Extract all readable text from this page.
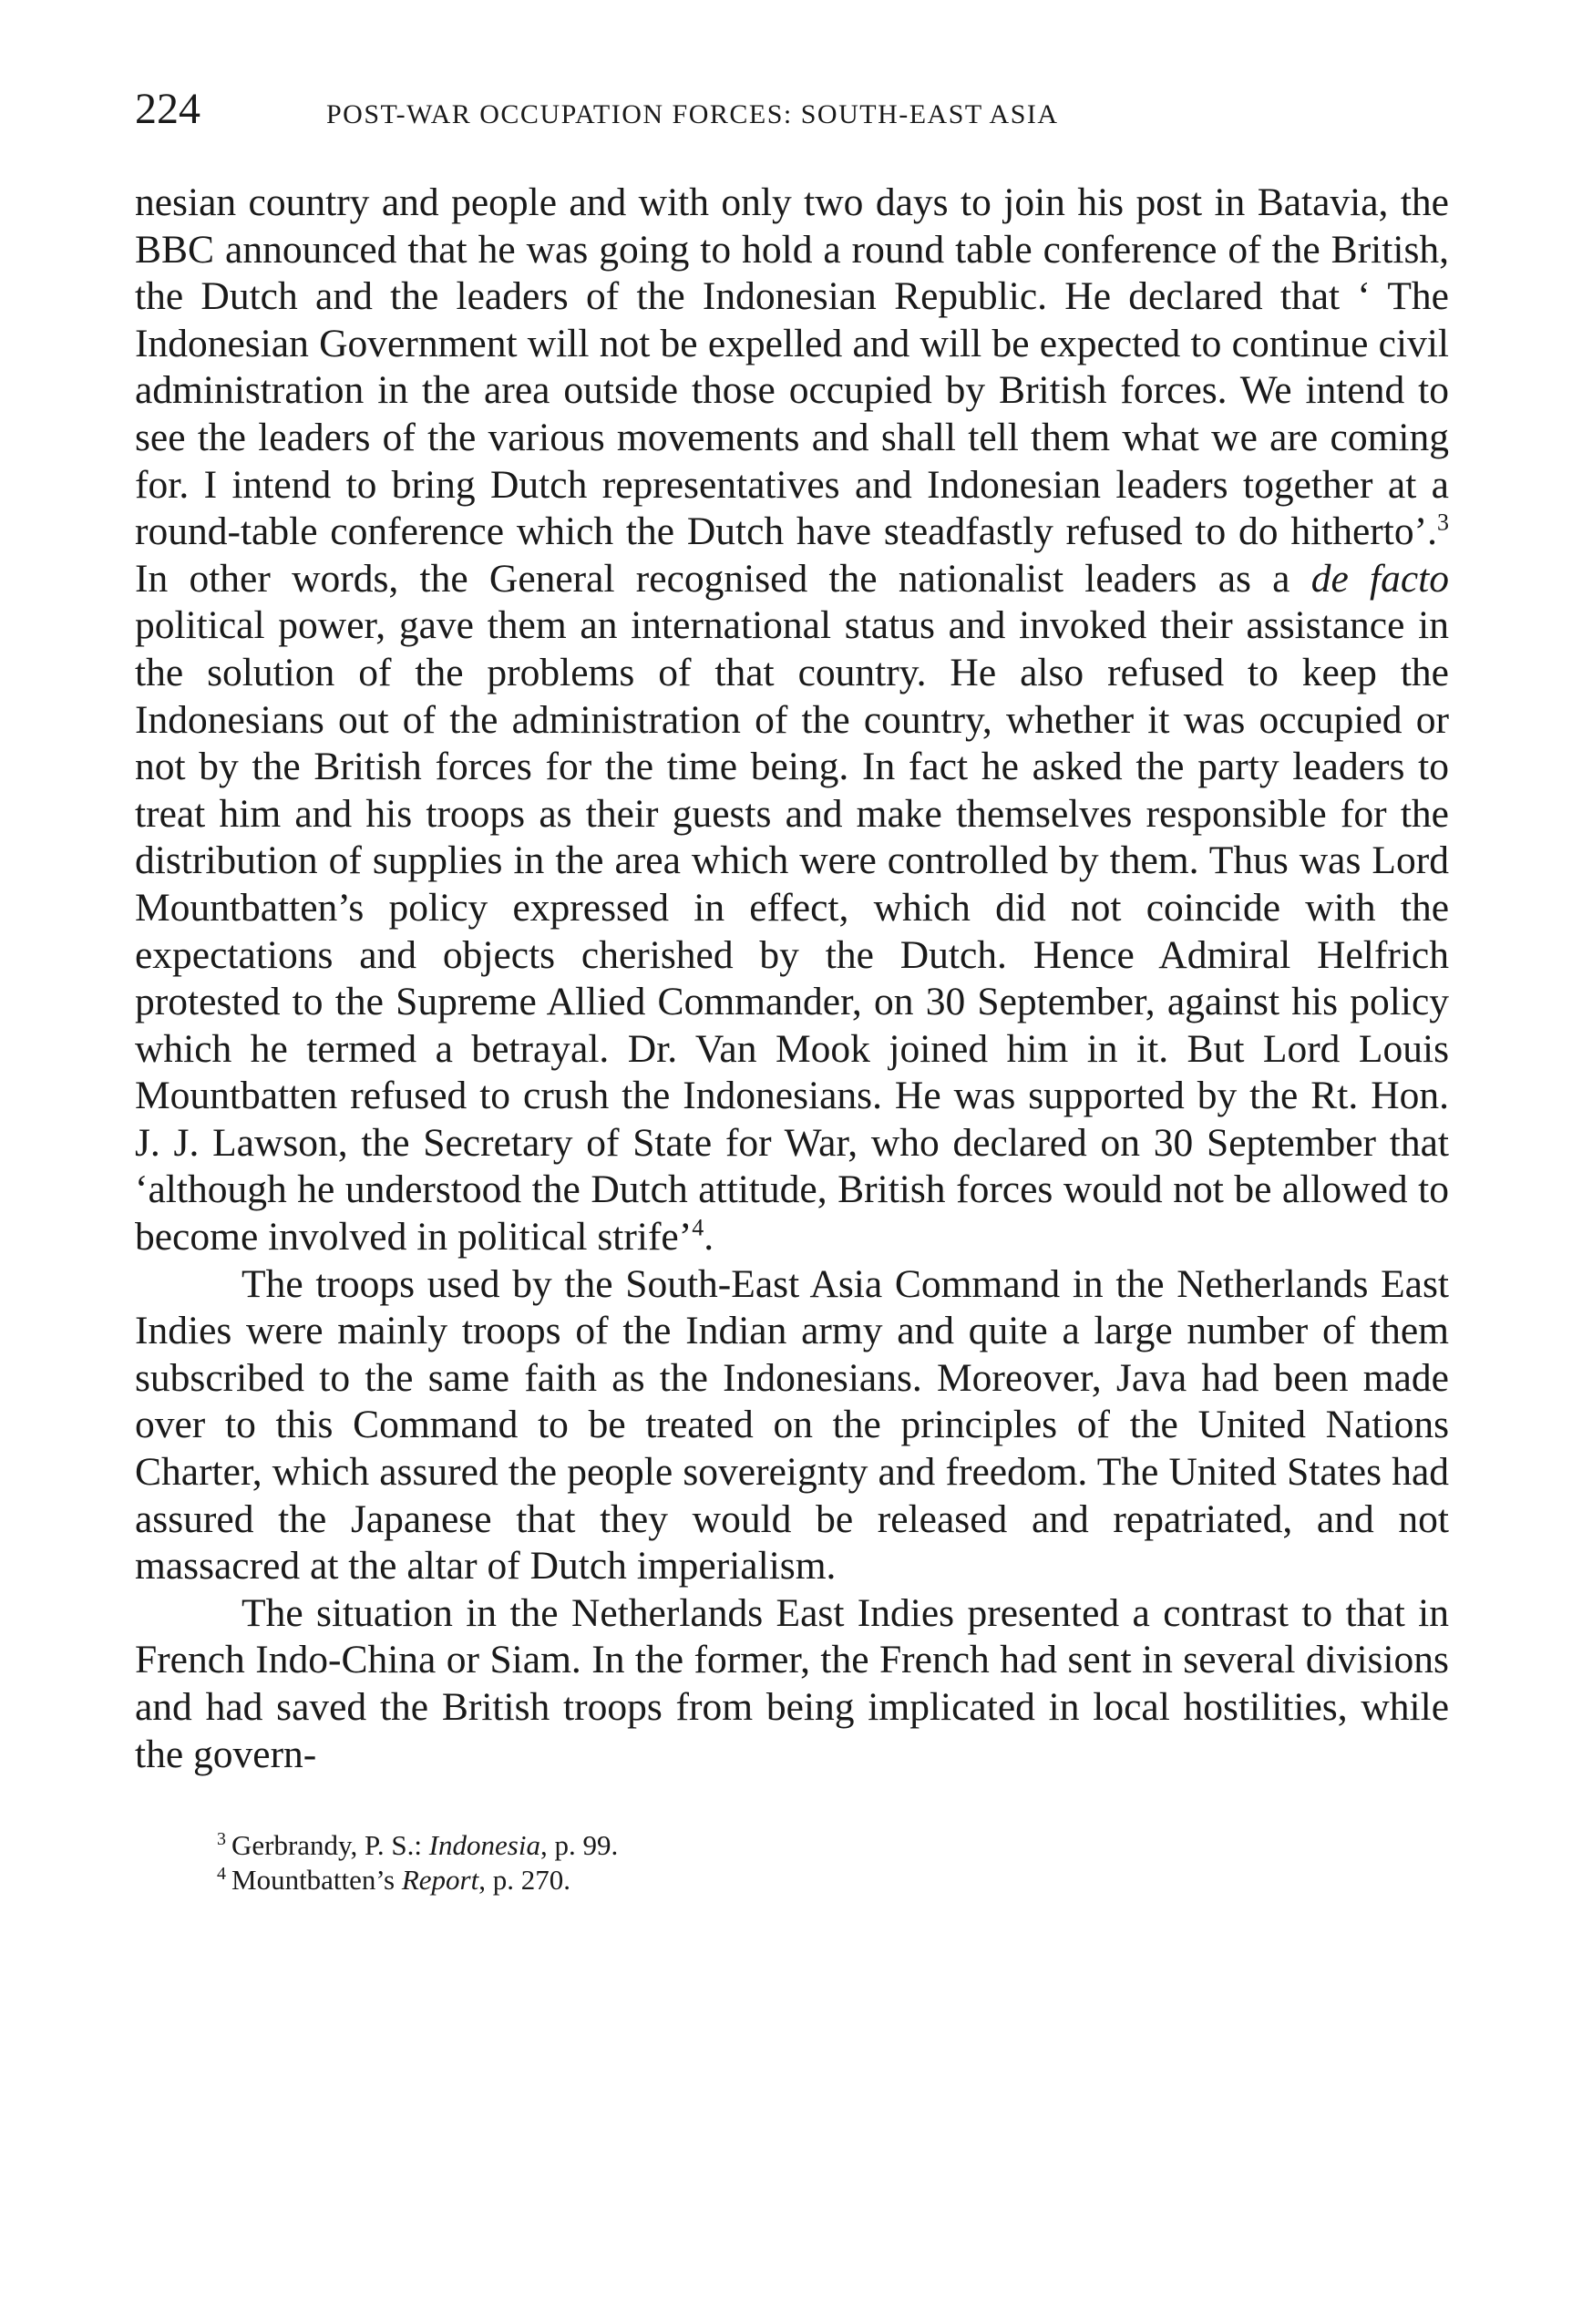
224	POST-WAR OCCUPATION FORCES: SOUTH-EAST ASIA

nesian country and people and with only two days to join his post in Batavia, the BBC announced that he was going to hold a round table conference of the British, the Dutch and the leaders of the Indonesian Republic. He declared that ‘ The Indonesian Government will not be expelled and will be expected to continue civil administration in the area outside those occupied by British forces. We intend to see the leaders of the various movements and shall tell them what we are coming for. I intend to bring Dutch representatives and Indonesian leaders together at a round-table conference which the Dutch have steadfastly refused to do hitherto’.$^3$ In other words, the General recognised the nationalist leaders as a de facto political power, gave them an international status and invoked their assistance in the solution of the problems of that country. He also refused to keep the Indonesians out of the administration of the country, whether it was occupied or not by the British forces for the time being. In fact he asked the party leaders to treat him and his troops as their guests and make themselves responsible for the distribution of supplies in the area which were controlled by them. Thus was Lord Mountbatten’s policy expressed in effect, which did not coincide with the expectations and objects cherished by the Dutch. Hence Admiral Helfrich protested to the Supreme Allied Commander, on 30 September, against his policy which he termed a betrayal. Dr. Van Mook joined him in it. But Lord Louis Mountbatten refused to crush the Indonesians. He was supported by the Rt. Hon. J. J. Lawson, the Secretary of State for War, who declared on 30 September that ‘although he understood the Dutch attitude, British forces would not be allowed to become involved in political strife’$^4$.

The troops used by the South-East Asia Command in the Netherlands East Indies were mainly troops of the Indian army and quite a large number of them subscribed to the same faith as the Indonesians. Moreover, Java had been made over to this Command to be treated on the principles of the United Nations Charter, which assured the people sovereignty and freedom. The United States had assured the Japanese that they would be released and repatriated, and not massacred at the altar of Dutch imperialism.

The situation in the Netherlands East Indies presented a contrast to that in French Indo-China or Siam. In the former, the French had sent in several divisions and had saved the British troops from being implicated in local hostilities, while the govern-

$^3$ Gerbrandy, P. S.: Indonesia, p. 99.
$^4$ Mountbatten’s Report, p. 270.
